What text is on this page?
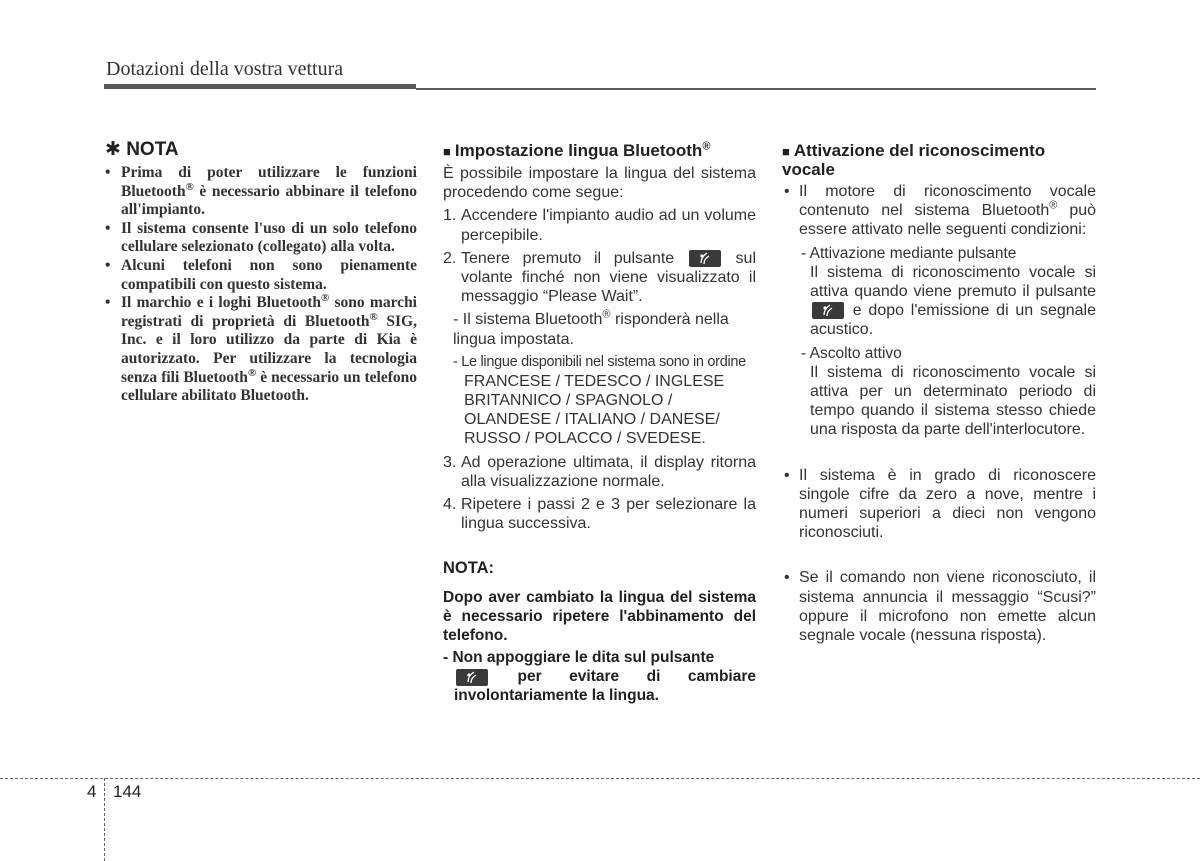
Dotazioni della vostra vettura
✱ NOTA
• Prima di poter utilizzare le funzioni Bluetooth® è necessario abbinare il telefono all'impianto.
• Il sistema consente l'uso di un solo telefono cellulare selezionato (collegato) alla volta.
• Alcuni telefoni non sono pienamente compatibili con questo sistema.
• Il marchio e i loghi Bluetooth® sono marchi registrati di proprietà di Bluetooth® SIG, Inc. e il loro utilizzo da parte di Kia è autorizzato. Per utilizzare la tecnologia senza fili Bluetooth® è necessario un telefono cellulare abilitato Bluetooth.
■ Impostazione lingua Bluetooth®

È possibile impostare la lingua del sistema procedendo come segue:

1. Accendere l'impianto audio ad un volume percepibile.
2. Tenere premuto il pulsante	sul volante finché non viene visualizzato il messaggio “Please Wait”.
- Il sistema Bluetooth® risponderà nella lingua impostata.
- Le lingue disponibili nel sistema sono in ordine
FRANCESE / TEDESCO / INGLESE BRITANNICO / SPAGNOLO / OLANDESE / ITALIANO / DANESE/ RUSSO / POLACCO / SVEDESE.
3. Ad operazione ultimata, il display ritorna alla visualizzazione normale.
4. Ripetere i passi 2 e 3 per selezionare la lingua successiva.
NOTA:

Dopo aver cambiato la lingua del sistema è necessario ripetere l'abbinamento del telefono.

- Non appoggiare le dita sul pulsante
per evitare di cambiare involontariamente la lingua.
■ Attivazione del riconoscimento vocale
• Il motore di riconoscimento vocale contenuto nel sistema Bluetooth® può essere attivato nelle seguenti condizioni:
- Attivazione mediante pulsante
Il sistema di riconoscimento vocale si attiva quando viene premuto il pulsante
e dopo l'emissione di un segnale acustico.
- Ascolto attivo
Il sistema di riconoscimento vocale si attiva per un determinato periodo di tempo quando il sistema stesso chiede una risposta da parte dell'interlocutore.
• Il sistema è in grado di riconoscere singole cifre da zero a nove, mentre i numeri superiori a dieci non vengono riconosciuti.
• Se il comando non viene riconosciuto, il sistema annuncia il messaggio “Scusi?” oppure il microfono non emette alcun segnale vocale (nessuna risposta).
4 144
